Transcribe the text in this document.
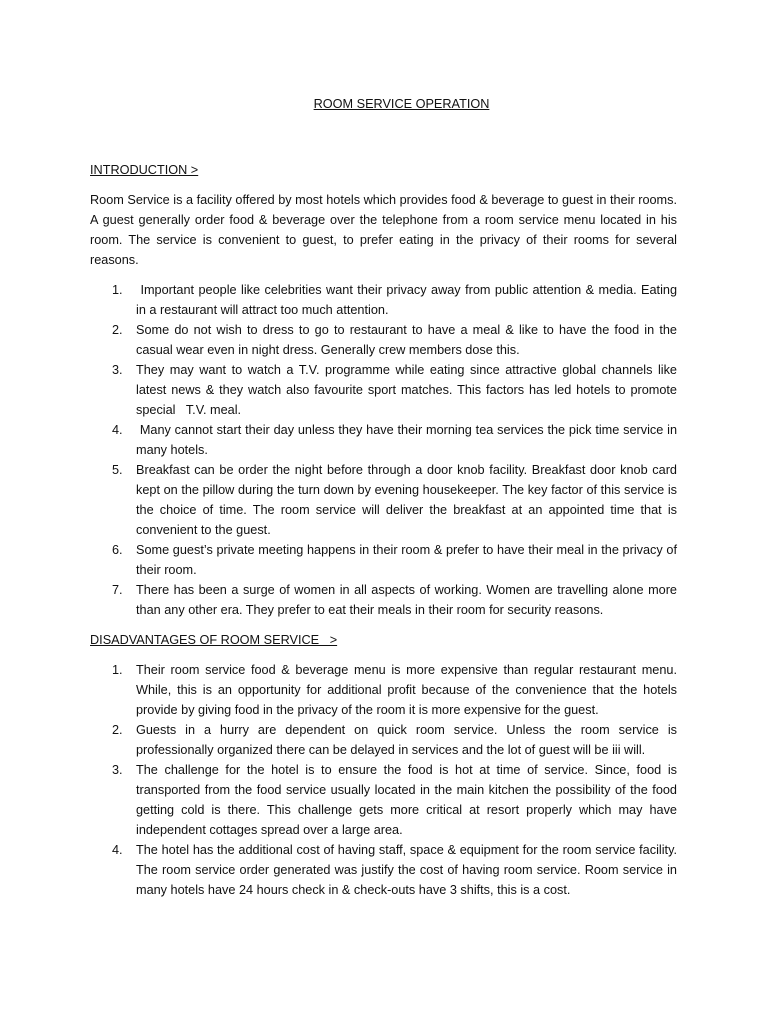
ROOM SERVICE OPERATION
INTRODUCTION >

Room Service is a facility offered by most hotels which provides food & beverage to guest in their rooms. A guest generally order food & beverage over the telephone from a room service menu located in his room. The service is convenient to guest, to prefer eating in the privacy of their rooms for several reasons.

1. Important people like celebrities want their privacy away from public attention & media. Eating in a restaurant will attract too much attention.
2. Some do not wish to dress to go to restaurant to have a meal & like to have the food in the casual wear even in night dress. Generally crew members dose this.
3. They may want to watch a T.V. programme while eating since attractive global channels like latest news & they watch also favourite sport matches. This factors has led hotels to promote special   T.V. meal.
4. Many cannot start their day unless they have their morning tea services the pick time service in many hotels.
5. Breakfast can be order the night before through a door knob facility. Breakfast door knob card kept on the pillow during the turn down by evening housekeeper. The key factor of this service is the choice of time. The room service will deliver the breakfast at an appointed time that is convenient to the guest.
6. Some guest’s private meeting happens in their room & prefer to have their meal in the privacy of their room.
7. There has been a surge of women in all aspects of working. Women are travelling alone more than any other era. They prefer to eat their meals in their room for security reasons.
DISADVANTAGES OF ROOM SERVICE   >
1. Their room service food & beverage menu is more expensive than regular restaurant menu. While, this is an opportunity for additional profit because of the convenience that the hotels provide by giving food in the privacy of the room it is more expensive for the guest.
2. Guests in a hurry are dependent on quick room service. Unless the room service is professionally organized there can be delayed in services and the lot of guest will be iii will.
3. The challenge for the hotel is to ensure the food is hot at time of service. Since, food is transported from the food service usually located in the main kitchen the possibility of the food getting cold is there. This challenge gets more critical at resort properly which may have independent cottages spread over a large area.
4. The hotel has the additional cost of having staff, space & equipment for the room service facility. The room service order generated was justify the cost of having room service. Room service in many hotels have 24 hours check in & check-outs have 3 shifts, this is a cost.
